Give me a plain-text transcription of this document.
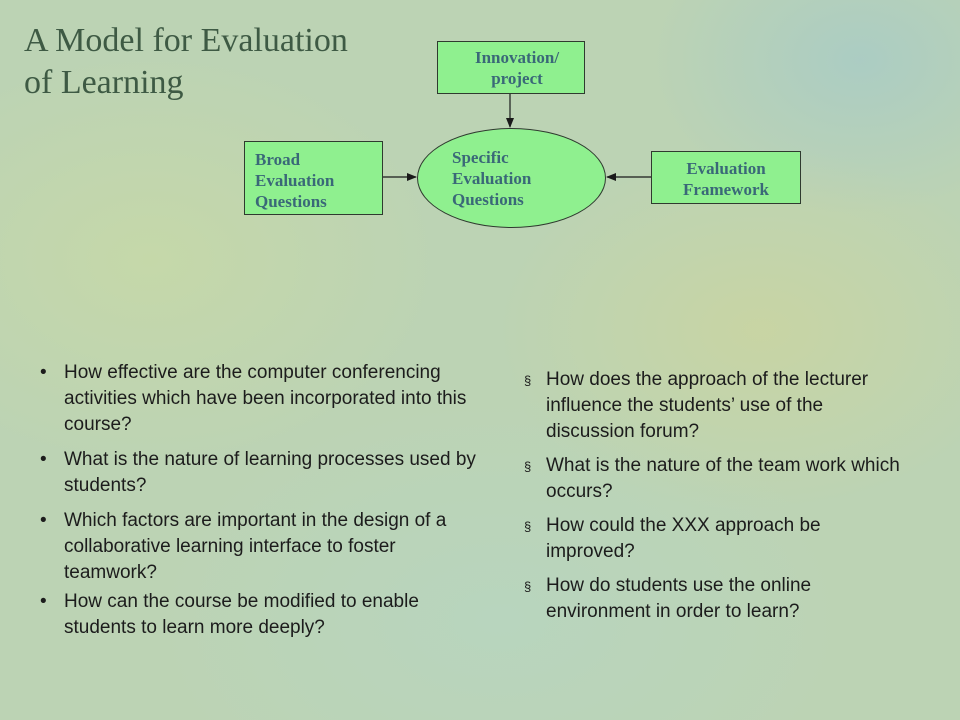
A Model for Evaluation
of Learning
Innovation/
project
Broad
Evaluation
Questions
Specific
Evaluation
Questions
Evaluation
Framework
• How effective are the computer conferencing activities which have been incorporated into this course?
• What is the nature of learning processes used by students?
• Which factors are important in the design of a collaborative learning interface to foster teamwork?
• How can the course be modified to enable students to learn more deeply?
§ How does the approach of the lecturer influence the students’ use of the discussion forum?
§ What is the nature of the team work which occurs?
§ How could the XXX approach be improved?
§ How do students use the online environment in order to learn?
